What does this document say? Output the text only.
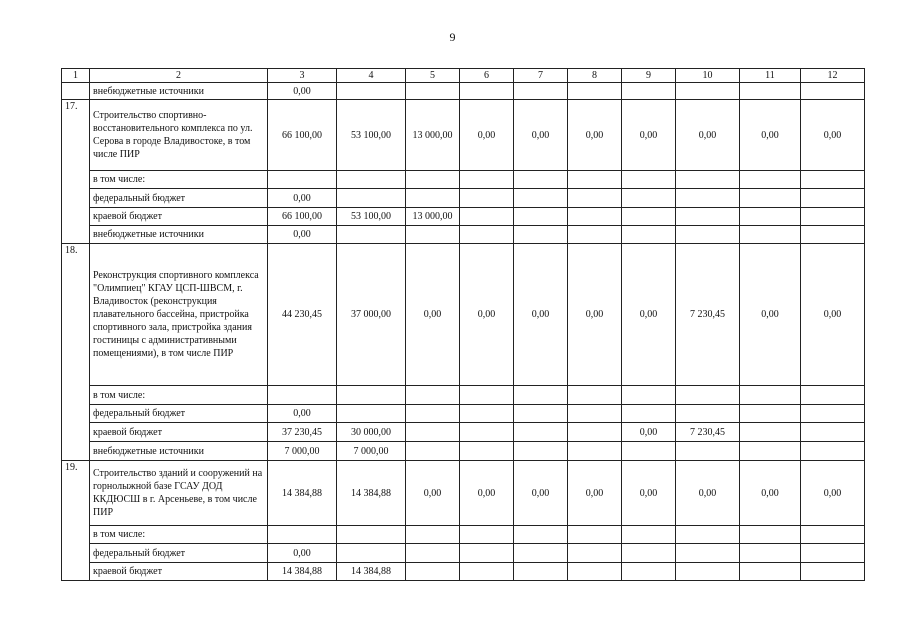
9
1	2	3	4	5	6	7	8	9	10	11	12	
	внебюджетные источники	0,00										
17.	Строительство спортивно-восстановительного комплекса по ул. Серова в городе Владивостоке, в том числе ПИР	66 100,00	53 100,00	13 000,00	0,00	0,00	0,00	0,00	0,00	0,00	0,00	
	в том числе:											
	федеральный бюджет	0,00										
	краевой бюджет	66 100,00	53 100,00	13 000,00								
	внебюджетные источники	0,00										
18.	Реконструкция спортивного комплекса "Олимпиец" КГАУ ЦСП-ШВСМ, г. Владивосток (реконструкция плавательного бассейна, пристройка спортивного зала, пристройка здания гостиницы с административными помещениями), в том числе ПИР	44 230,45	37 000,00	0,00	0,00	0,00	0,00	0,00	7 230,45	0,00	0,00	
	в том числе:											
	федеральный бюджет	0,00										
	краевой бюджет	37 230,45	30 000,00					0,00	7 230,45			
	внебюджетные источники	7 000,00	7 000,00									
19.	Строительство зданий и сооружений на горнолыжной базе ГСАУ ДОД ККДЮСШ в г. Арсеньеве, в том числе ПИР	14 384,88	14 384,88	0,00	0,00	0,00	0,00	0,00	0,00	0,00	0,00	
	в том числе:											
	федеральный бюджет	0,00										
	краевой бюджет	14 384,88	14 384,88									
